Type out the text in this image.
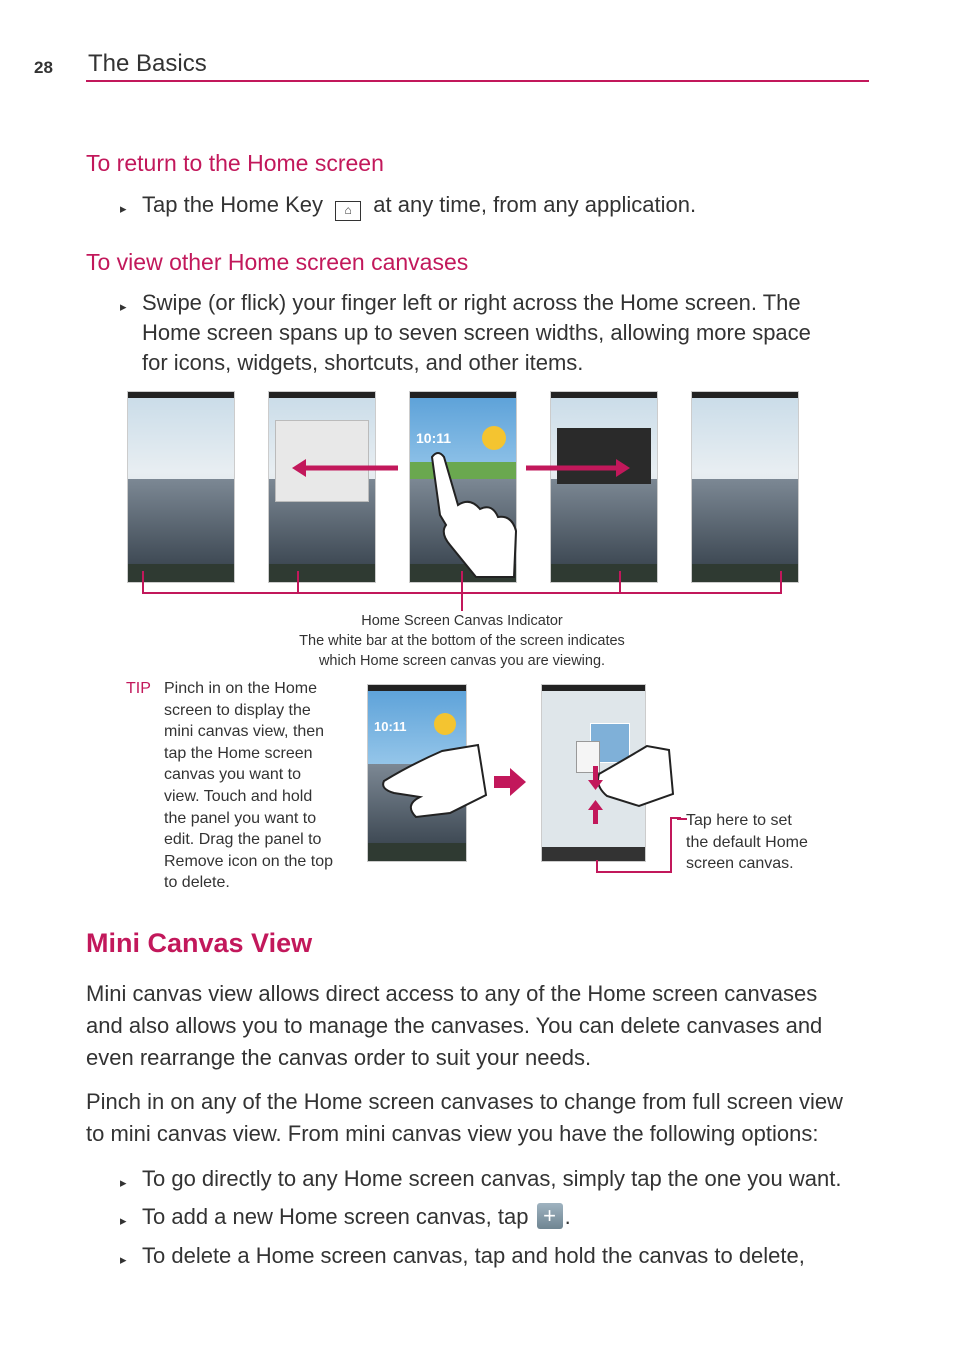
28 The Basics
To return to the Home screen
▸ Tap the Home Key ⌂ at any time, from any application.
To view other Home screen canvases
▸ Swipe (or flick) your finger left or right across the Home screen. The
Home screen spans up to seven screen widths, allowing more space
for icons, widgets, shortcuts, and other items.
10:11
Home Screen Canvas Indicator
The white bar at the bottom of the screen indicates
which Home screen canvas you are viewing.
TIP Pinch in on the Home
screen to display the
mini canvas view, then
tap the Home screen
canvas you want to
view. Touch and hold
the panel you want to
edit. Drag the panel to
Remove icon on the top
to delete.
10:11
Tap here to set
the default Home
screen canvas.
Mini Canvas View
Mini canvas view allows direct access to any of the Home screen canvases
and also allows you to manage the canvases. You can delete canvases and
even rearrange the canvas order to suit your needs.
Pinch in on any of the Home screen canvases to change from full screen view
to mini canvas view. From mini canvas view you have the following options:
▸ To go directly to any Home screen canvas, simply tap the one you want.
▸ To add a new Home screen canvas, tap + .
▸ To delete a Home screen canvas, tap and hold the canvas to delete,
